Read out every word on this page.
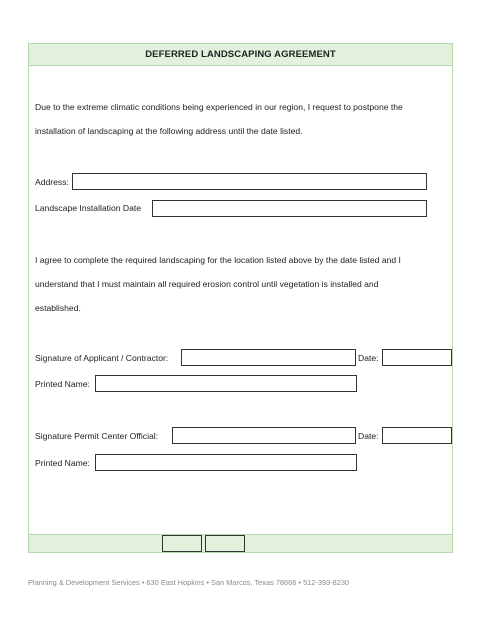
DEFERRED LANDSCAPING AGREEMENT
Due to the extreme climatic conditions being experienced in our region, I request to postpone the
installation of landscaping at the following address until the date listed.
Address:
Landscape Installation Date
I agree to complete the required landscaping for the location listed above by the date listed and I
understand that I must maintain all required erosion control until vegetation is installed and
established.
Signature of Applicant / Contractor:	Date:
Printed Name:
Signature Permit Center Official:	Date:
Printed Name:
Planning & Development Services • 630 East Hopkins • San Marcos, Texas 78666 • 512-393-8230
